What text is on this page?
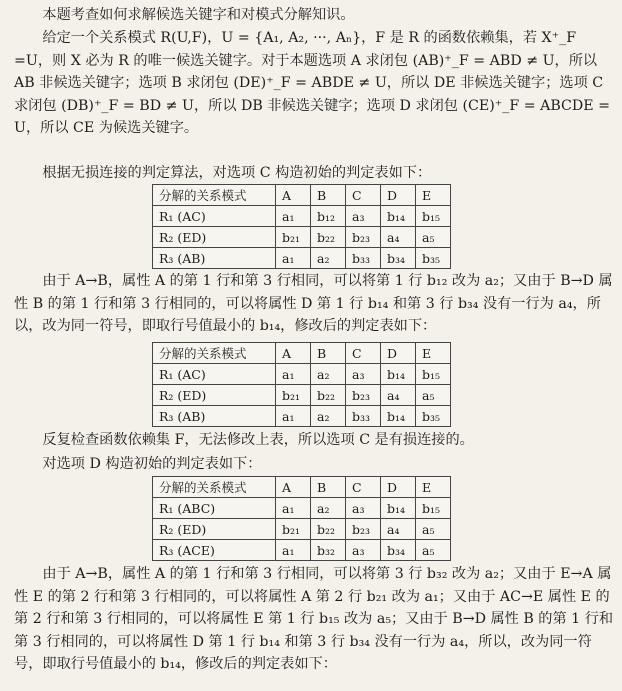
本题考查如何求解候选关键字和对模式分解知识。

给定一个关系模式 R(U,F)，U = {A₁, A₂, ···, Aₙ}，F 是 R 的函数依赖集，若 X⁺_F =U，则 X 必为 R 的唯一候选关键字。对于本题选项 A 求闭包 (AB)⁺_F = ABD ≠ U，所以 AB 非候选关键字；选项 B 求闭包 (DE)⁺_F = ABDE ≠ U，所以 DE 非候选关键字；选项 C 求闭包 (DB)⁺_F = BD ≠ U，所以 DB 非候选关键字；选项 D 求闭包 (CE)⁺_F = ABCDE = U，所以 CE 为候选关键字。

根据无损连接的判定算法，对选项 C 构造初始的判定表如下：

分解的关系模式	A	B	C	D	E
R₁ (AC)	a₁	b₁₂	a₃	b₁₄	b₁₅
R₂ (ED)	b₂₁	b₂₂	b₂₃	a₄	a₅
R₃ (AB)	a₁	a₂	b₃₃	b₃₄	b₃₅

由于 A→B，属性 A 的第 1 行和第 3 行相同，可以将第 1 行 b₁₂ 改为 a₂；又由于 B→D 属性 B 的第 1 行和第 3 行相同的，可以将属性 D 第 1 行 b₁₄ 和第 3 行 b₃₄ 没有一行为 a₄，所以，改为同一符号，即取行号值最小的 b₁₄，修改后的判定表如下：

分解的关系模式	A	B	C	D	E
R₁ (AC)	a₁	a₂	a₃	b₁₄	b₁₅
R₂ (ED)	b₂₁	b₂₂	b₂₃	a₄	a₅
R₃ (AB)	a₁	a₂	b₃₃	b₁₄	b₃₅

反复检查函数依赖集 F，无法修改上表，所以选项 C 是有损连接的。

对选项 D 构造初始的判定表如下：

分解的关系模式	A	B	C	D	E
R₁ (ABC)	a₁	a₂	a₃	b₁₄	b₁₅
R₂ (ED)	b₂₁	b₂₂	b₂₃	a₄	a₅
R₃ (ACE)	a₁	b₃₂	a₃	b₃₄	a₅

由于 A→B，属性 A 的第 1 行和第 3 行相同，可以将第 3 行 b₃₂ 改为 a₂；又由于 E→A 属性 E 的第 2 行和第 3 行相同的，可以将属性 A 第 2 行 b₂₁ 改为 a₁；又由于 AC→E 属性 E 的第 2 行和第 3 行相同的，可以将属性 E 第 1 行 b₁₅ 改为 a₅；又由于 B→D 属性 B 的第 1 行和第 3 行相同的，可以将属性 D 第 1 行 b₁₄ 和第 3 行 b₃₄ 没有一行为 a₄，所以，改为同一符号，即取行号值最小的 b₁₄，修改后的判定表如下：
